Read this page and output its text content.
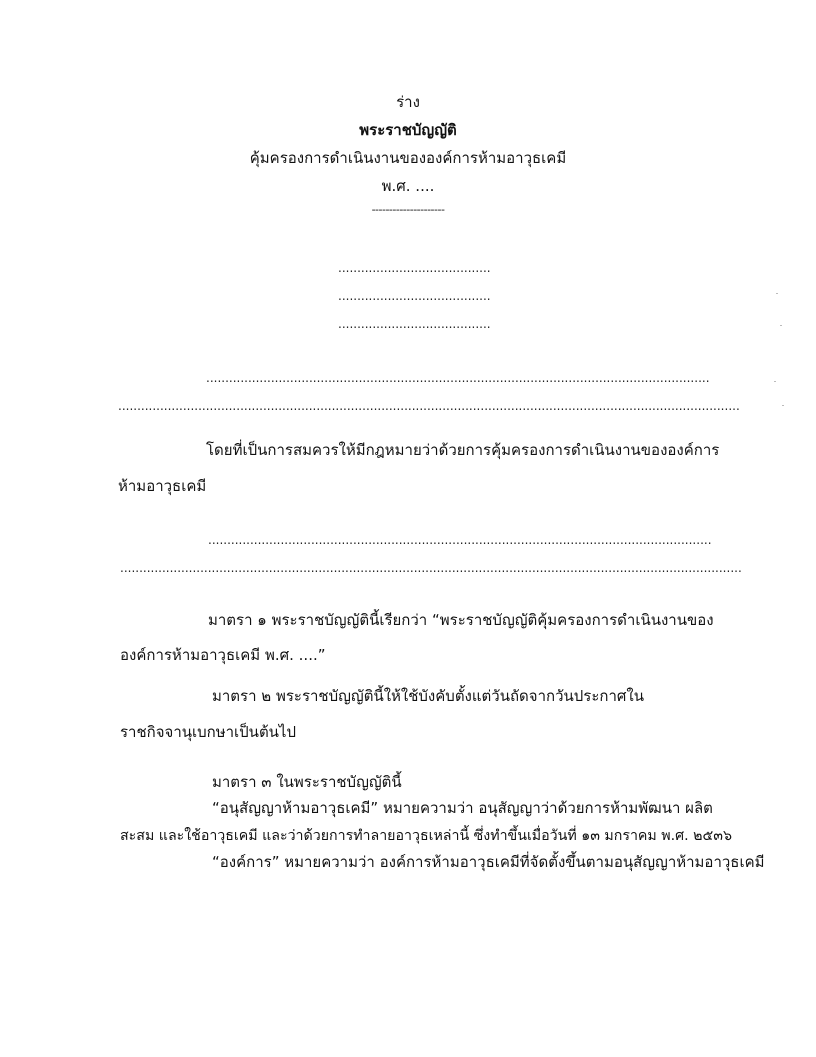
ร่าง
พระราชบัญญัติ
คุ้มครองการดำเนินงานขององค์การห้ามอาวุธเคมี
พ.ศ. ....
---------------------
........................................
........................................
........................................
....................................................................................................................................
...................................................................................................................................................................
โดยที่เป็นการสมควรให้มีกฎหมายว่าด้วยการคุ้มครองการดำเนินงานขององค์การ
ห้ามอาวุธเคมี
....................................................................................................................................
...................................................................................................................................................................
มาตรา ๑ พระราชบัญญัตินี้เรียกว่า “พระราชบัญญัติคุ้มครองการดำเนินงานของ
องค์การห้ามอาวุธเคมี พ.ศ. ....”
มาตรา ๒ พระราชบัญญัตินี้ให้ใช้บังคับตั้งแต่วันถัดจากวันประกาศใน
ราชกิจจานุเบกษาเป็นต้นไป
มาตรา ๓ ในพระราชบัญญัตินี้
“อนุสัญญาห้ามอาวุธเคมี” หมายความว่า อนุสัญญาว่าด้วยการห้ามพัฒนา ผลิต
สะสม และใช้อาวุธเคมี และว่าด้วยการทำลายอาวุธเหล่านี้ ซึ่งทำขึ้นเมื่อวันที่ ๑๓ มกราคม พ.ศ. ๒๕๓๖
“องค์การ” หมายความว่า องค์การห้ามอาวุธเคมีที่จัดตั้งขึ้นตามอนุสัญญาห้ามอาวุธเคมี
